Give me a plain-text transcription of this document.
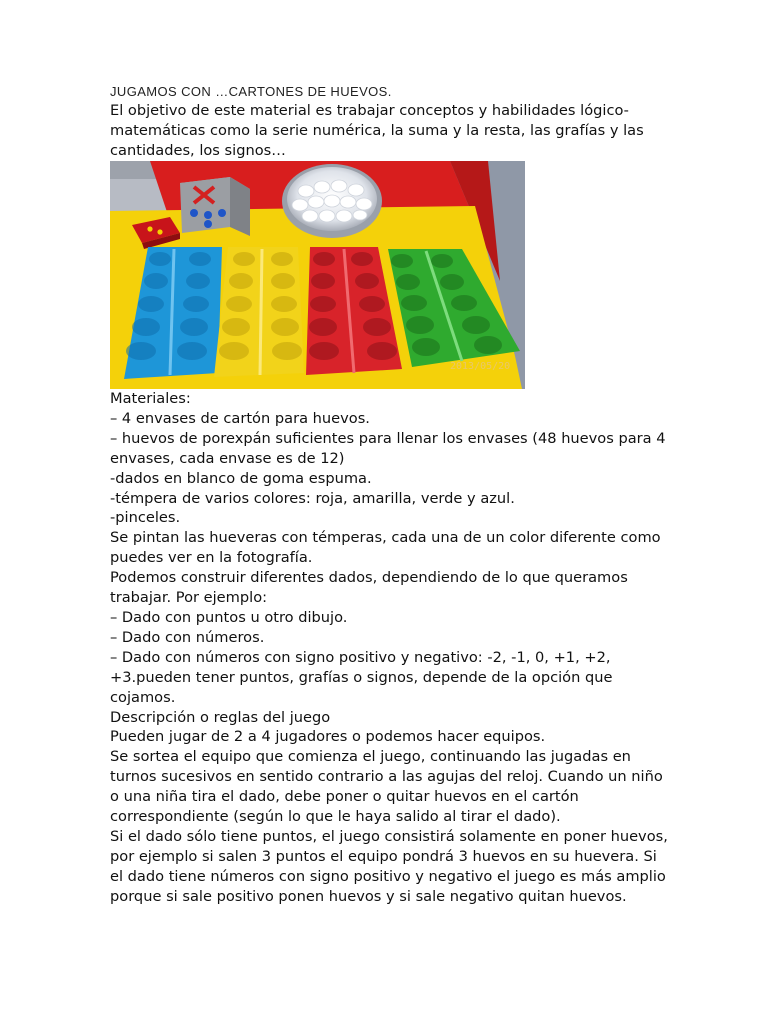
JUGAMOS CON …CARTONES DE HUEVOS.

El objetivo de este material es trabajar conceptos y habilidades lógico-matemáticas como la serie numérica, la suma y la resta, las grafías y las cantidades, los signos…

2013/05/20

Materiales:

– 4 envases de cartón para huevos.

– huevos de porexpán suficientes para llenar los envases (48 huevos para 4 envases, cada envase es de 12)

-dados en blanco de goma espuma.

-témpera de varios colores: roja, amarilla, verde y azul.

-pinceles.

Se pintan las hueveras con témperas, cada una de un color diferente como puedes ver en la fotografía.

Podemos construir diferentes dados, dependiendo de lo que queramos trabajar. Por ejemplo:

– Dado con puntos u otro dibujo.

– Dado con números.

– Dado con números con signo positivo y negativo: -2, -1, 0, +1, +2, +3.pueden tener puntos, grafías o signos, depende de la opción que cojamos.

Descripción o reglas del juego

Pueden jugar de 2 a 4 jugadores o podemos hacer equipos.

Se sortea el equipo que comienza el juego, continuando las jugadas en turnos sucesivos en sentido contrario a las agujas del reloj. Cuando un niño o una niña tira el dado, debe poner o quitar huevos en el cartón correspondiente (según lo que le haya salido al tirar el dado).

Si el dado sólo tiene puntos, el juego consistirá solamente en poner huevos, por ejemplo si salen 3 puntos el equipo pondrá 3 huevos en su huevera. Si el dado tiene números con signo positivo y negativo el juego es más amplio porque si sale positivo ponen huevos y si sale negativo quitan huevos.
